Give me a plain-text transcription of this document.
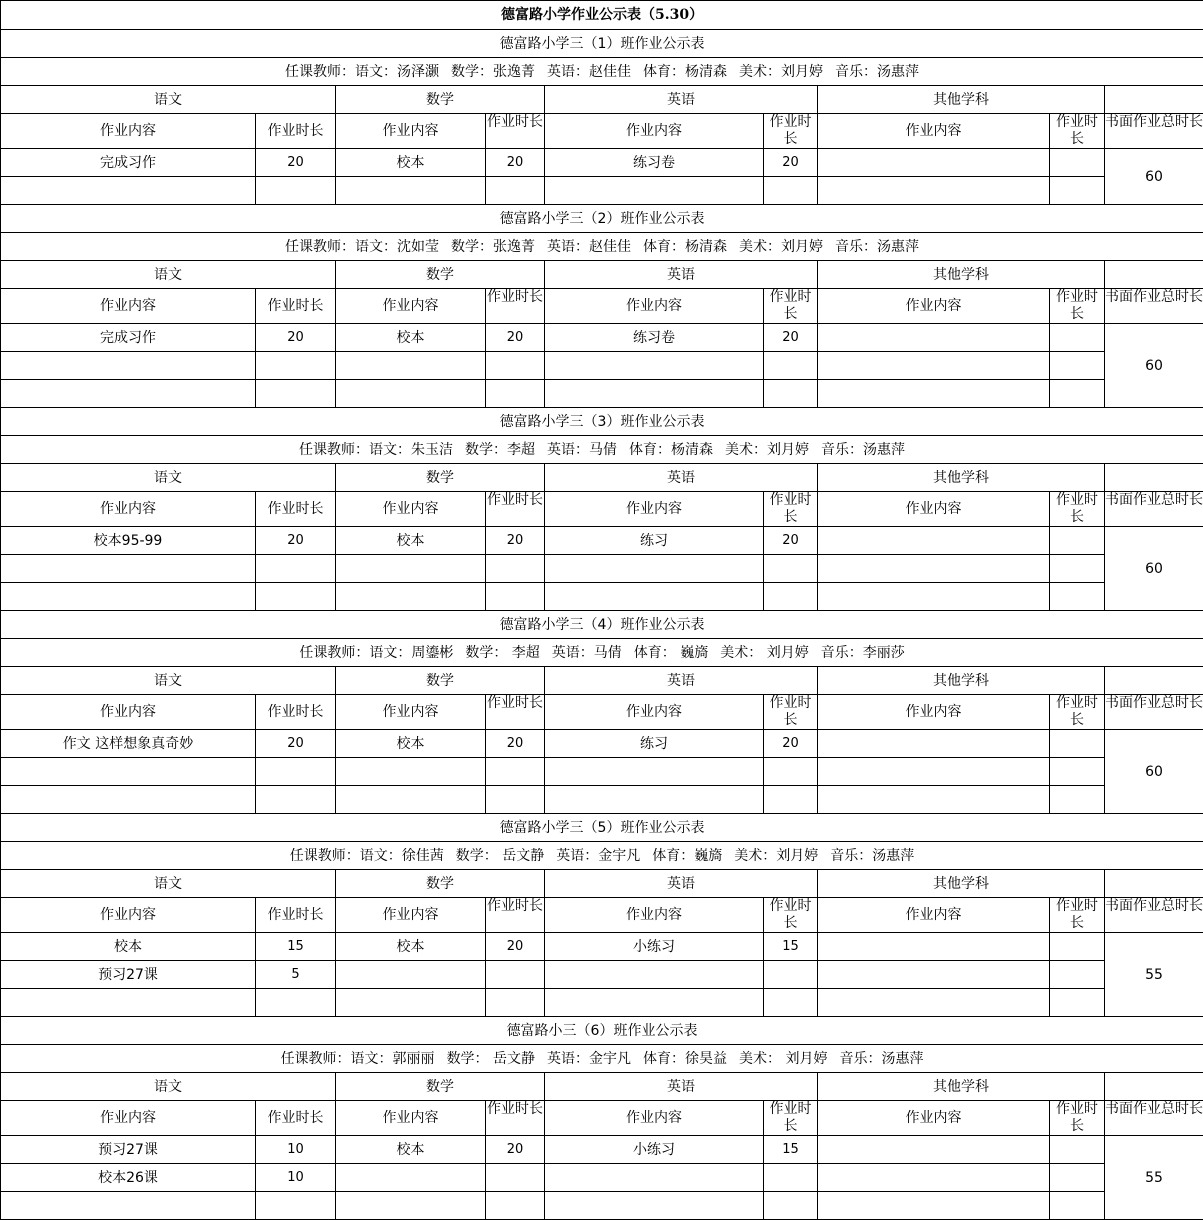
德富路小学作业公示表（5.30）								
德富路小学三（1）班作业公示表								
任课教师：语文：汤泽灏 数学：张逸菁 英语：赵佳佳 体育：杨清森 美术：刘月婷 音乐：汤惠萍								
语文		数学		英语		其他学科		
作业内容	作业时长	作业内容	作业时长	作业内容	作业时长	作业内容	作业时长	书面作业总时长
完成习作	20	校本	20	练习卷	20			60

德富路小学三（2）班作业公示表								
任课教师：语文：沈如莹 数学：张逸菁 英语：赵佳佳 体育：杨清森 美术：刘月婷 音乐：汤惠萍								
语文		数学		英语		其他学科		
作业内容	作业时长	作业内容	作业时长	作业内容	作业时长	作业内容	作业时长	书面作业总时长
完成习作	20	校本	20	练习卷	20			60

德富路小学三（3）班作业公示表								
任课教师：语文：朱玉洁 数学：李超 英语：马倩 体育：杨清森 美术：刘月婷 音乐：汤惠萍								
语文		数学		英语		其他学科		
作业内容	作业时长	作业内容	作业时长	作业内容	作业时长	作业内容	作业时长	书面作业总时长
校本95-99	20	校本	20	练习	20			60

德富路小学三（4）班作业公示表								
任课教师：语文：周鎏彬 数学： 李超 英语：马倩 体育： 巍旖 美术： 刘月婷 音乐：李丽莎								
语文		数学		英语		其他学科		
作业内容	作业时长	作业内容	作业时长	作业内容	作业时长	作业内容	作业时长	书面作业总时长
作文 这样想象真奇妙	20	校本	20	练习	20			60

德富路小学三（5）班作业公示表								
任课教师：语文：徐佳茜 数学： 岳文静 英语：金宇凡 体育：巍旖 美术：刘月婷 音乐：汤惠萍								
语文		数学		英语		其他学科		
作业内容	作业时长	作业内容	作业时长	作业内容	作业时长	作业内容	作业时长	书面作业总时长
校本	15	校本	20	小练习	15			55
预习27课	5							

德富路小三（6）班作业公示表								
任课教师：语文：郭丽丽 数学： 岳文静 英语：金宇凡 体育：徐昊益 美术： 刘月婷 音乐：汤惠萍								
语文		数学		英语		其他学科		
作业内容	作业时长	作业内容	作业时长	作业内容	作业时长	作业内容	作业时长	书面作业总时长
预习27课	10	校本	20	小练习	15			55
校本26课	10							
